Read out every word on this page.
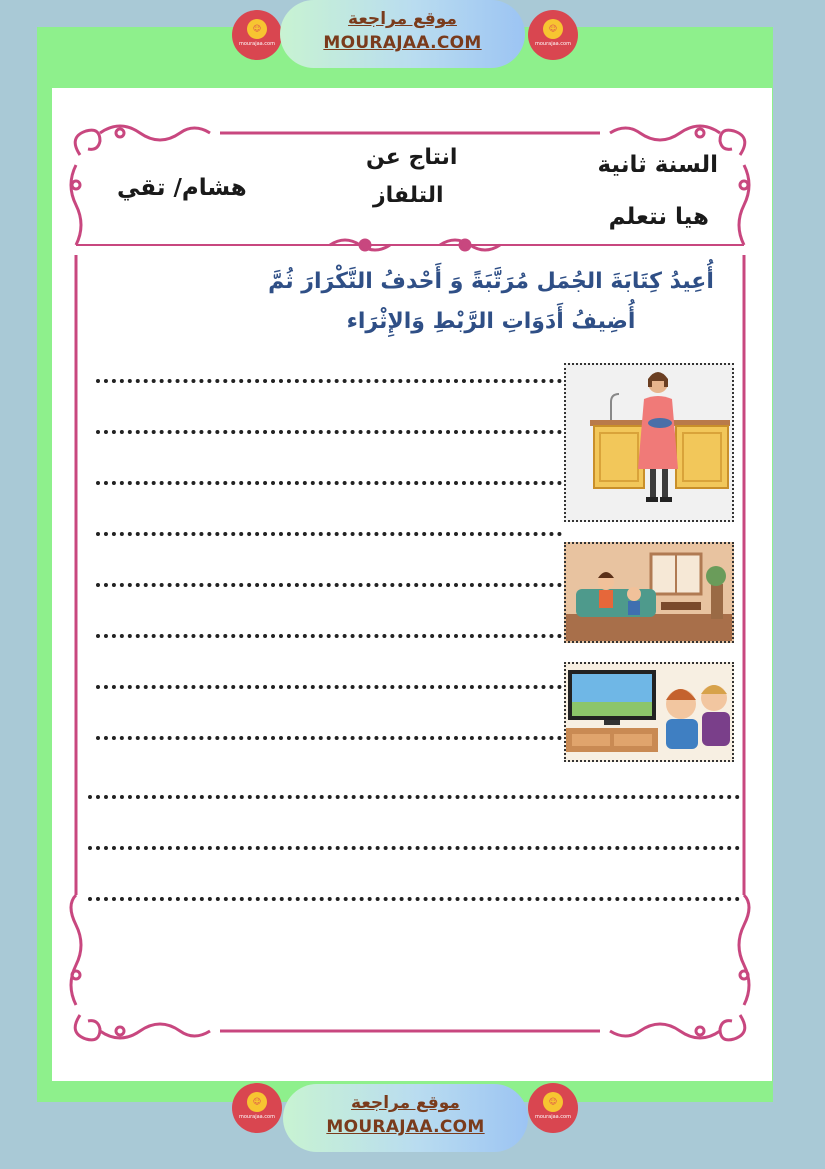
☺
mourajaa.com
موقع مراجعة
MOURAJAA.COM
☺
mourajaa.com
السنة ثانية
هيا نتعلم
انتاج عن
التلفاز
هشام/ تقي
أُعِيدُ كِتَابَةَ الجُمَل مُرَتَّبَةً وَ أَحْدفُ التَّكْرَارَ ثُمَّ
أُضِيفُ أَدَوَاتِ الرَّبْطِ وَالإِثْرَاء
☺
mourajaa.com
موقع مراجعة
MOURAJAA.COM
☺
mourajaa.com
